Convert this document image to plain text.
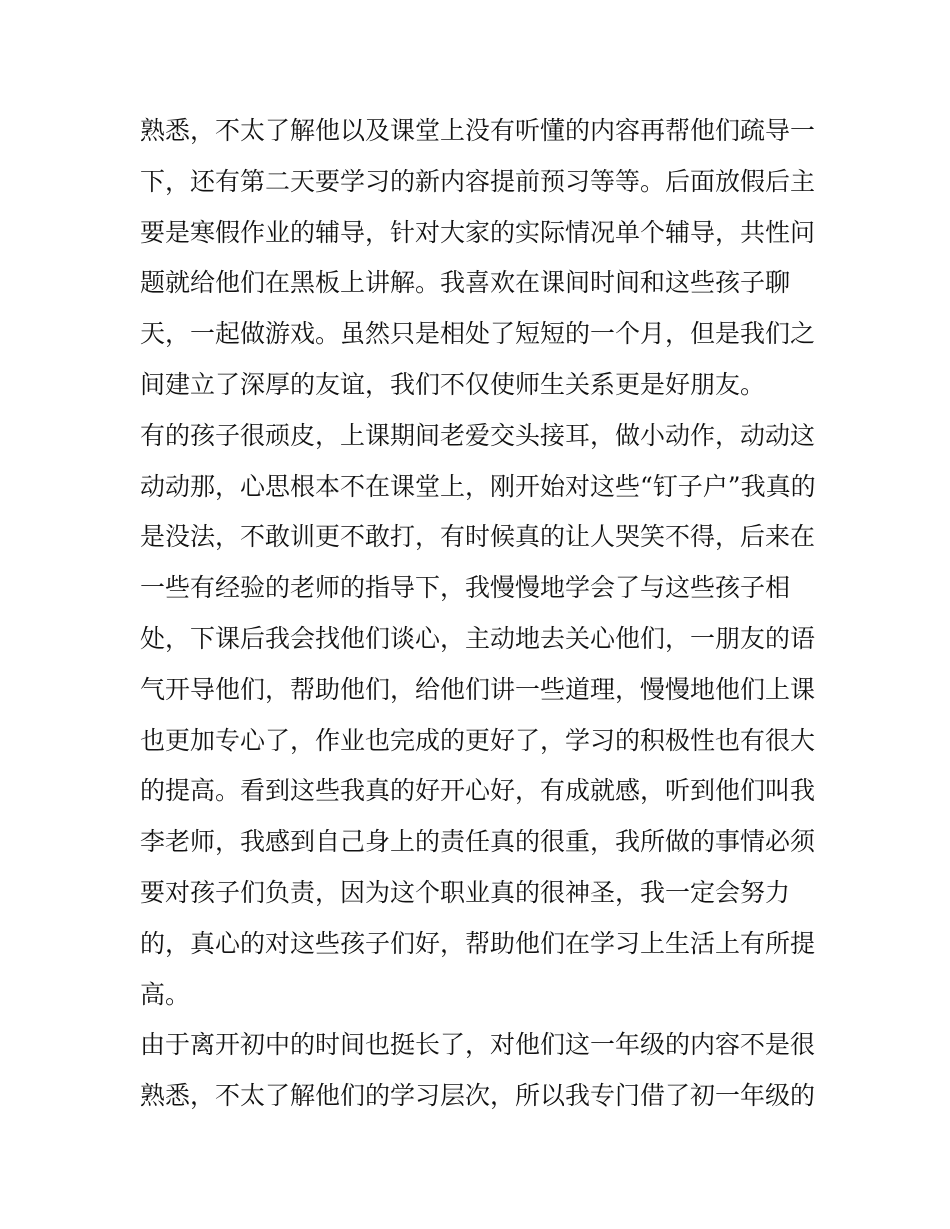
熟悉，不太了解他以及课堂上没有听懂的内容再帮他们疏导一
下，还有第二天要学习的新内容提前预习等等。后面放假后主
要是寒假作业的辅导，针对大家的实际情况单个辅导，共性问
题就给他们在黑板上讲解。我喜欢在课间时间和这些孩子聊
天，一起做游戏。虽然只是相处了短短的一个月，但是我们之
间建立了深厚的友谊，我们不仅使师生关系更是好朋友。
有的孩子很顽皮，上课期间老爱交头接耳，做小动作，动动这
动动那，心思根本不在课堂上，刚开始对这些“钉子户”我真的
是没法，不敢训更不敢打，有时候真的让人哭笑不得，后来在
一些有经验的老师的指导下，我慢慢地学会了与这些孩子相
处，下课后我会找他们谈心，主动地去关心他们，一朋友的语
气开导他们，帮助他们，给他们讲一些道理，慢慢地他们上课
也更加专心了，作业也完成的更好了，学习的积极性也有很大
的提高。看到这些我真的好开心好，有成就感，听到他们叫我
李老师，我感到自己身上的责任真的很重，我所做的事情必须
要对孩子们负责，因为这个职业真的很神圣，我一定会努力
的，真心的对这些孩子们好，帮助他们在学习上生活上有所提
高。
由于离开初中的时间也挺长了，对他们这一年级的内容不是很
熟悉，不太了解他们的学习层次，所以我专门借了初一年级的
